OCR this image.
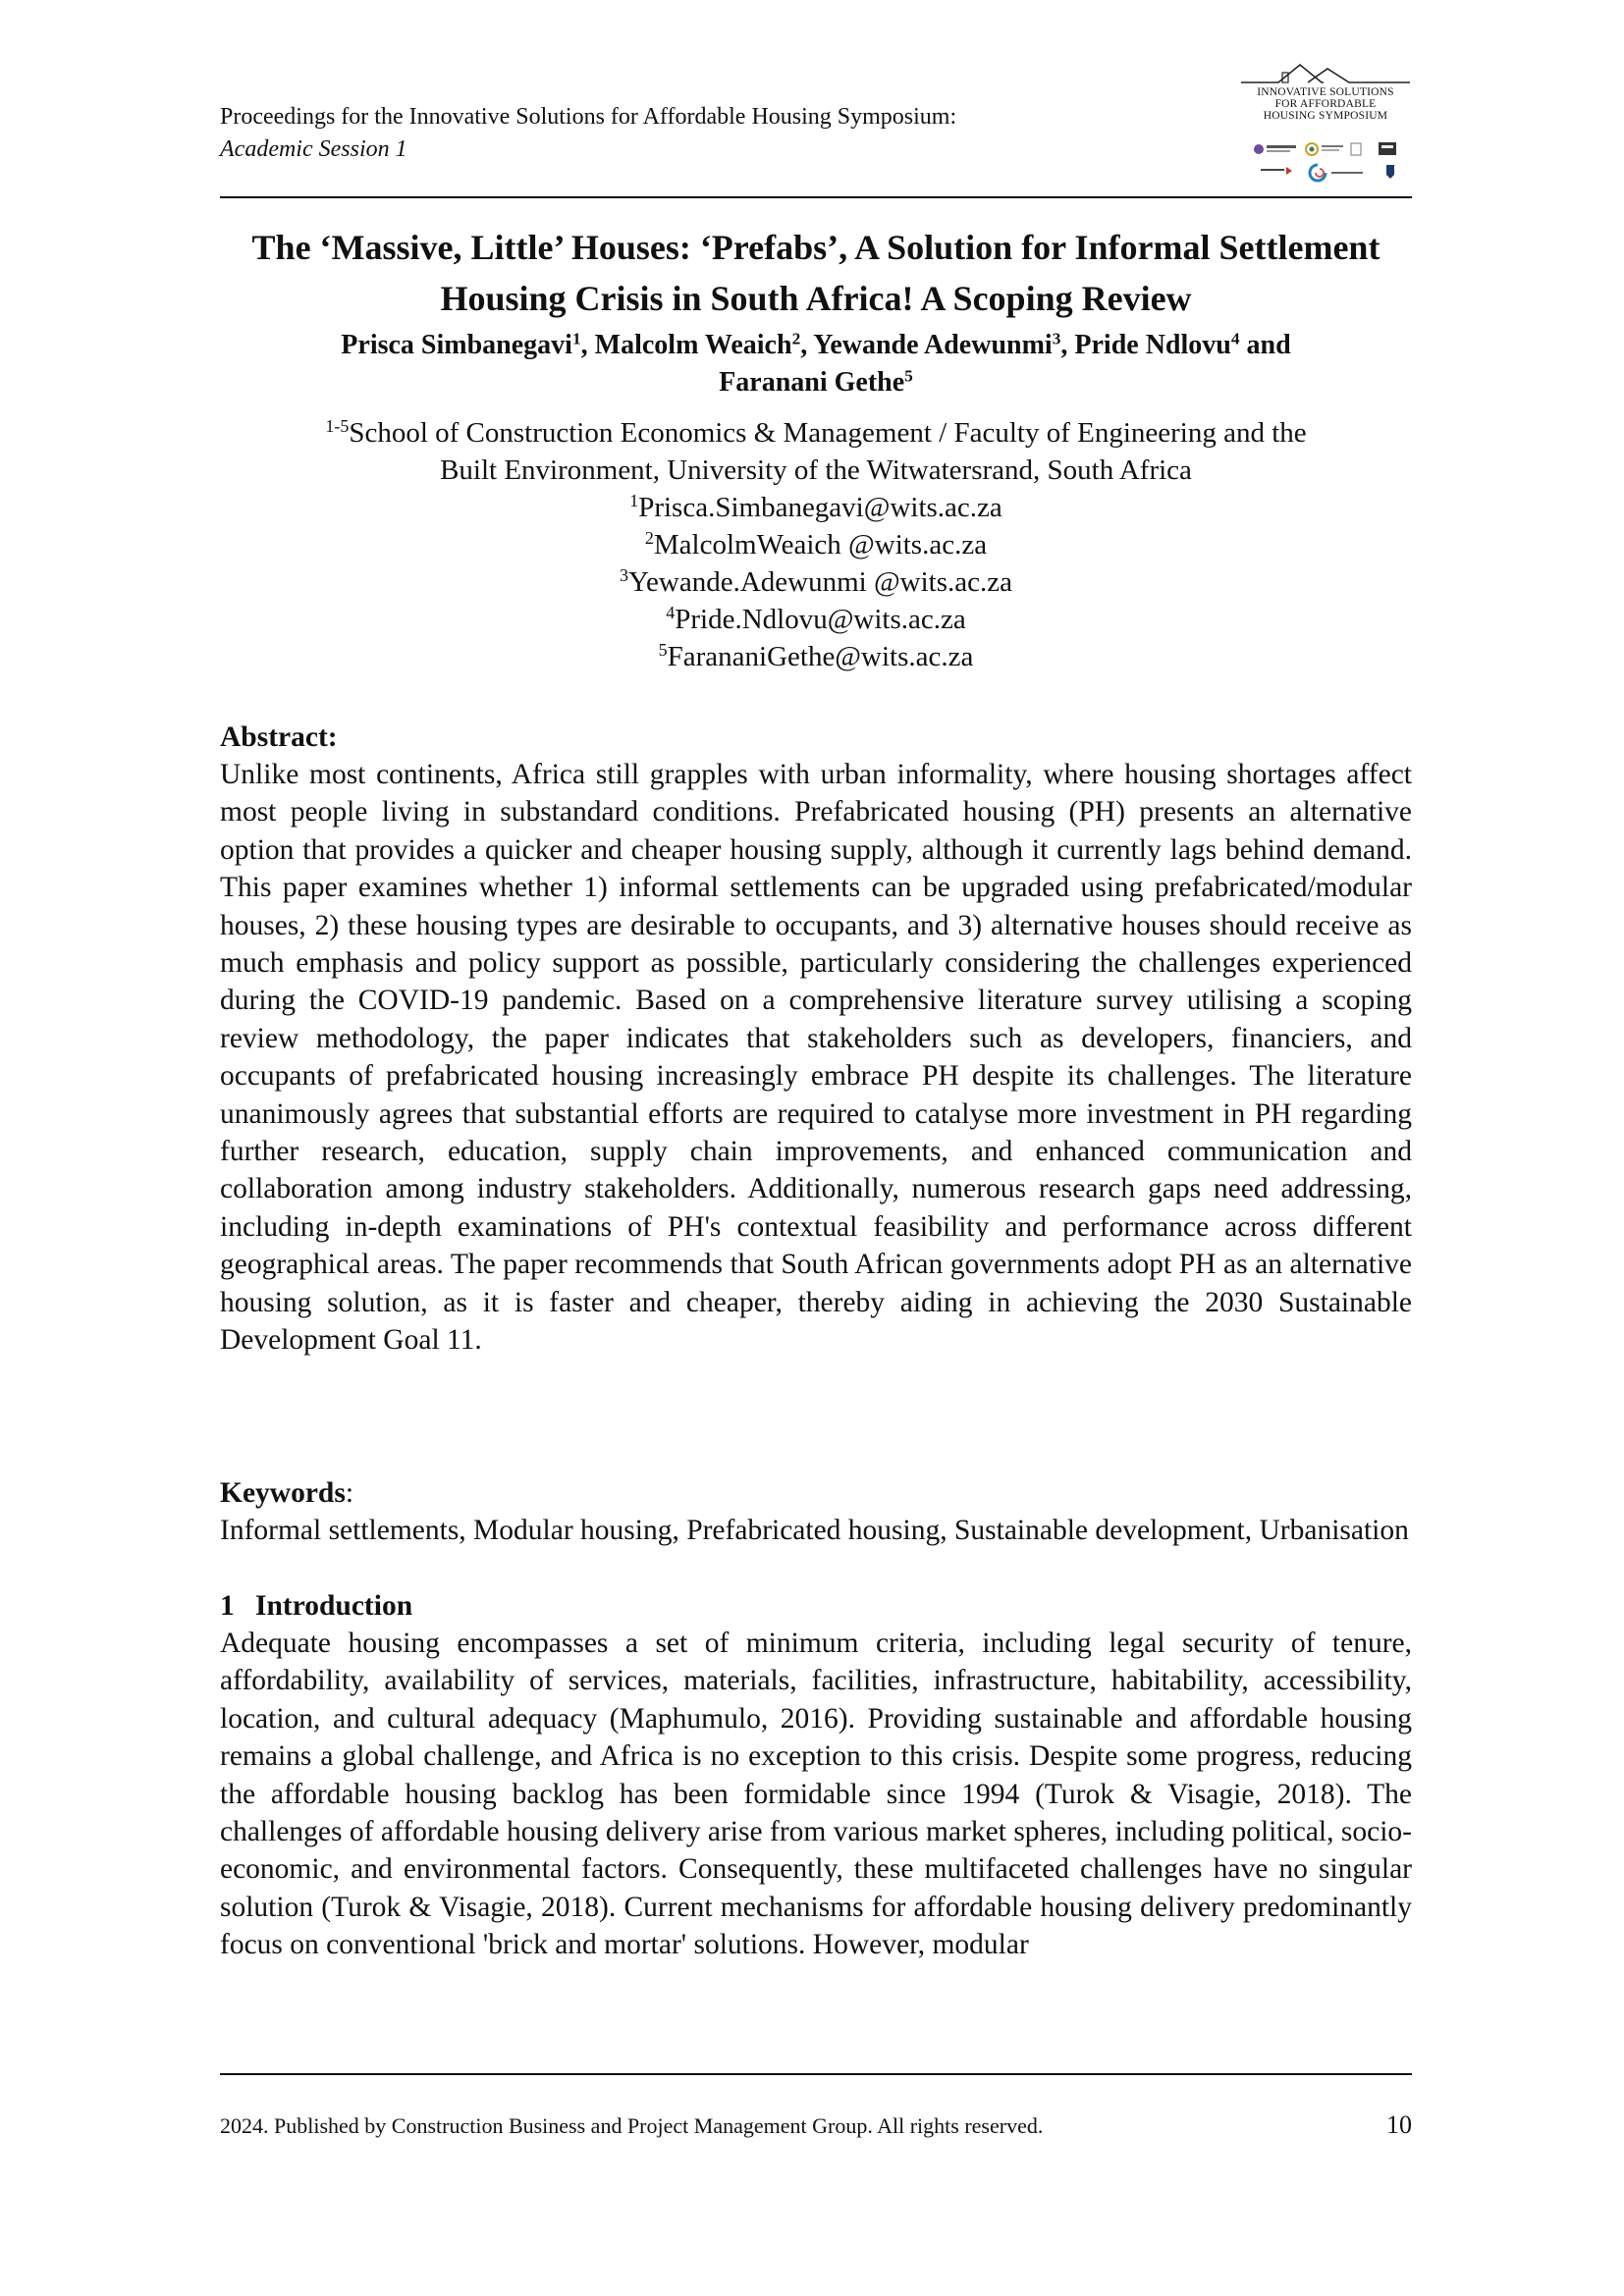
Proceedings for the Innovative Solutions for Affordable Housing Symposium:
Academic Session 1
INNOVATIVE SOLUTIONS
FOR AFFORDABLE
HOUSING SYMPOSIUM
The ‘Massive, Little’ Houses: ‘Prefabs’, A Solution for Informal Settlement Housing Crisis in South Africa! A Scoping Review

Prisca Simbanegavi$^1$, Malcolm Weaich$^2$, Yewande Adewunmi$^3$, Pride Ndlovu$^4$ and
Faranani Gethe$^5$

$^{1-5}$School of Construction Economics & Management / Faculty of Engineering and the
Built Environment, University of the Witwatersrand, South Africa
$^1$Prisca.Simbanegavi@wits.ac.za
$^2$MalcolmWeaich @wits.ac.za
$^3$Yewande.Adewunmi @wits.ac.za
$^4$Pride.Ndlovu@wits.ac.za
$^5$FarananiGethe@wits.ac.za
Abstract:

Unlike most continents, Africa still grapples with urban informality, where housing shortages affect most people living in substandard conditions. Prefabricated housing (PH) presents an alternative option that provides a quicker and cheaper housing supply, although it currently lags behind demand. This paper examines whether 1) informal settlements can be upgraded using prefabricated/modular houses, 2) these housing types are desirable to occupants, and 3) alternative houses should receive as much emphasis and policy support as possible, particularly considering the challenges experienced during the COVID-19 pandemic. Based on a comprehensive literature survey utilising a scoping review methodology, the paper indicates that stakeholders such as developers, financiers, and occupants of prefabricated housing increasingly embrace PH despite its challenges. The literature unanimously agrees that substantial efforts are required to catalyse more investment in PH regarding further research, education, supply chain improvements, and enhanced communication and collaboration among industry stakeholders. Additionally, numerous research gaps need addressing, including in-depth examinations of PH's contextual feasibility and performance across different geographical areas. The paper recommends that South African governments adopt PH as an alternative housing solution, as it is faster and cheaper, thereby aiding in achieving the 2030 Sustainable Development Goal 11.

Keywords:

Informal settlements, Modular housing, Prefabricated housing, Sustainable development, Urbanisation

1 Introduction

Adequate housing encompasses a set of minimum criteria, including legal security of tenure, affordability, availability of services, materials, facilities, infrastructure, habitability, accessibility, location, and cultural adequacy (Maphumulo, 2016). Providing sustainable and affordable housing remains a global challenge, and Africa is no exception to this crisis. Despite some progress, reducing the affordable housing backlog has been formidable since 1994 (Turok & Visagie, 2018). The challenges of affordable housing delivery arise from various market spheres, including political, socio-economic, and environmental factors. Consequently, these multifaceted challenges have no singular solution (Turok & Visagie, 2018). Current mechanisms for affordable housing delivery predominantly focus on conventional 'brick and mortar' solutions. However, modular

2024. Published by Construction Business and Project Management Group. All rights reserved.	10
